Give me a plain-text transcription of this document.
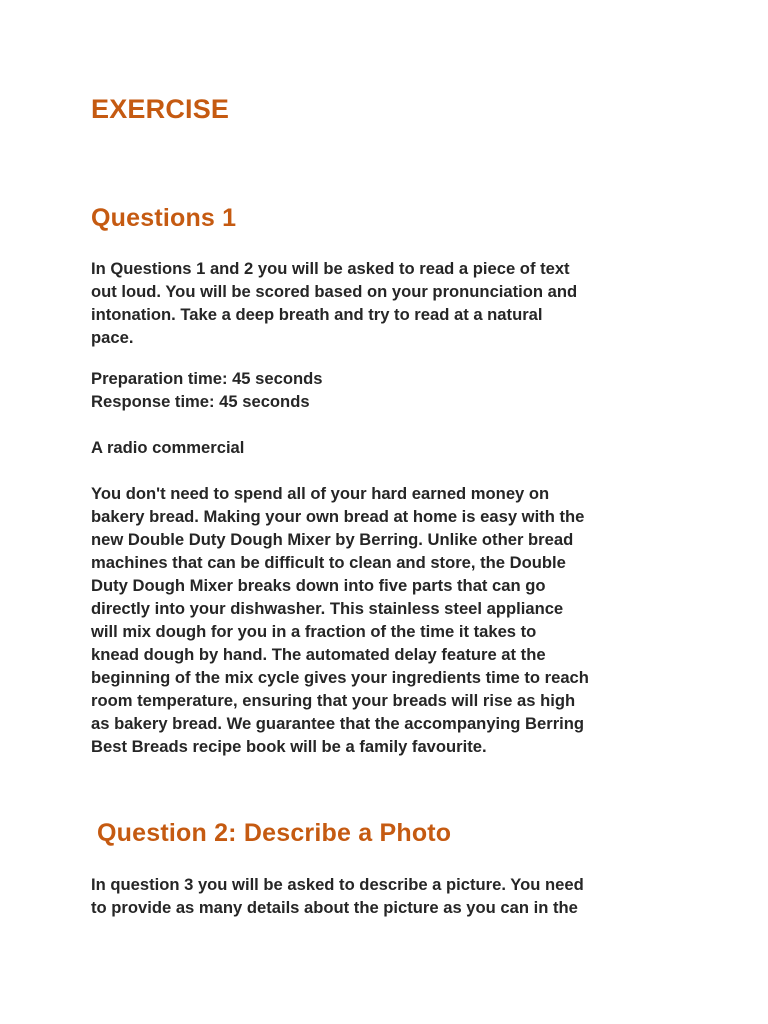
EXERCISE
Questions 1

In Questions 1 and 2 you will be asked to read a piece of text
out loud. You will be scored based on your pronunciation and
intonation. Take a deep breath and try to read at a natural
pace.

Preparation time: 45 seconds
Response time: 45 seconds

A radio commercial

You don't need to spend all of your hard earned money on
bakery bread. Making your own bread at home is easy with the
new Double Duty Dough Mixer by Berring. Unlike other bread
machines that can be difficult to clean and store, the Double
Duty Dough Mixer breaks down into five parts that can go
directly into your dishwasher. This stainless steel appliance
will mix dough for you in a fraction of the time it takes to
knead dough by hand. The automated delay feature at the
beginning of the mix cycle gives your ingredients time to reach
room temperature, ensuring that your breads will rise as high
as bakery bread. We guarantee that the accompanying Berring
Best Breads recipe book will be a family favourite.

Question 2: Describe a Photo

In question 3 you will be asked to describe a picture. You need
to provide as many details about the picture as you can in the
